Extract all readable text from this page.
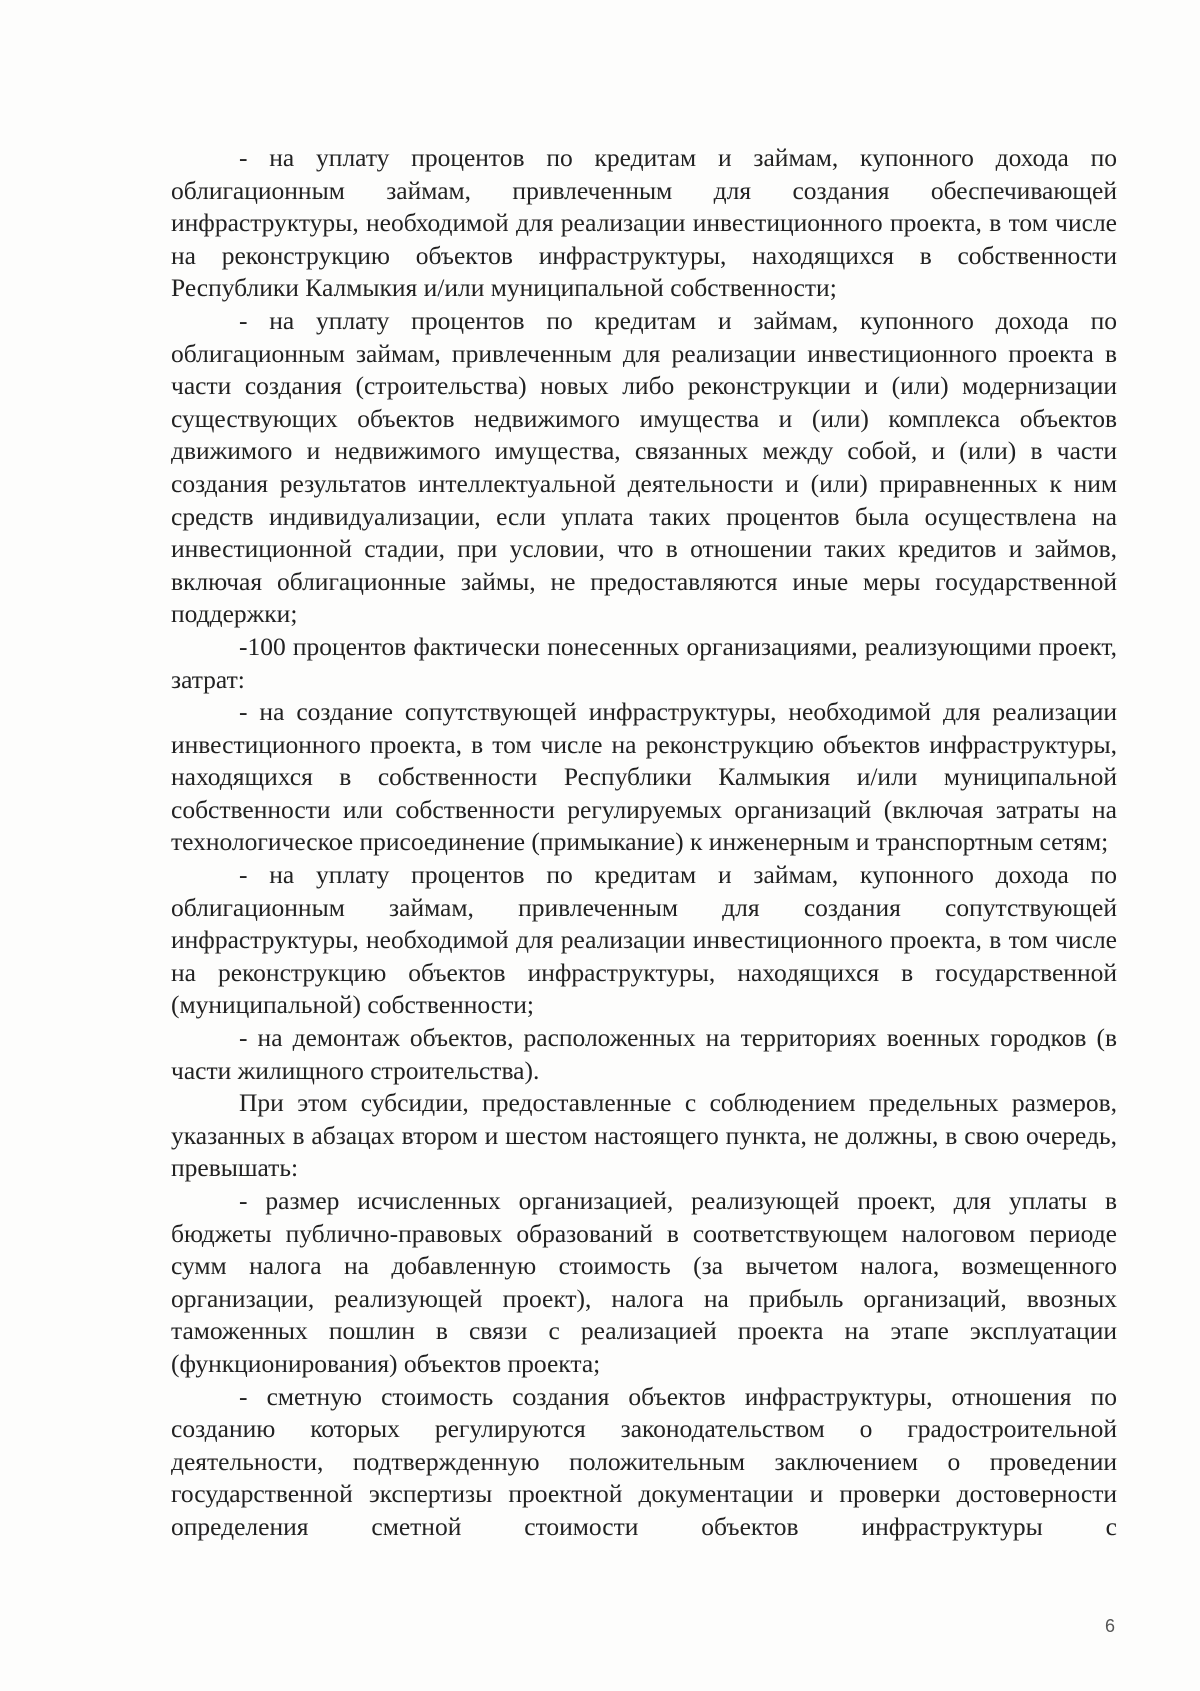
- на уплату процентов по кредитам и займам, купонного дохода по облигационным займам, привлеченным для создания обеспечивающей инфраструктуры, необходимой для реализации инвестиционного проекта, в том числе на реконструкцию объектов инфраструктуры, находящихся в собственности Республики Калмыкия и/или муниципальной собственности;

- на уплату процентов по кредитам и займам, купонного дохода по облигационным займам, привлеченным для реализации инвестиционного проекта в части создания (строительства) новых либо реконструкции и (или) модернизации существующих объектов недвижимого имущества и (или) комплекса объектов движимого и недвижимого имущества, связанных между собой, и (или) в части создания результатов интеллектуальной деятельности и (или) приравненных к ним средств индивидуализации, если уплата таких процентов была осуществлена на инвестиционной стадии, при условии, что в отношении таких кредитов и займов, включая облигационные займы, не предоставляются иные меры государственной поддержки;

-100 процентов фактически понесенных организациями, реализующими проект, затрат:

- на создание сопутствующей инфраструктуры, необходимой для реализации инвестиционного проекта, в том числе на реконструкцию объектов инфраструктуры, находящихся в собственности Республики Калмыкия и/или муниципальной собственности или собственности регулируемых организаций (включая затраты на технологическое присоединение (примыкание) к инженерным и транспортным сетям;

- на уплату процентов по кредитам и займам, купонного дохода по облигационным займам, привлеченным для создания сопутствующей инфраструктуры, необходимой для реализации инвестиционного проекта, в том числе на реконструкцию объектов инфраструктуры, находящихся в государственной (муниципальной) собственности;

- на демонтаж объектов, расположенных на территориях военных городков (в части жилищного строительства).

При этом субсидии, предоставленные с соблюдением предельных размеров, указанных в абзацах втором и шестом настоящего пункта, не должны, в свою очередь, превышать:

- размер исчисленных организацией, реализующей проект, для уплаты в бюджеты публично-правовых образований в соответствующем налоговом периоде сумм налога на добавленную стоимость (за вычетом налога, возмещенного организации, реализующей проект), налога на прибыль организаций, ввозных таможенных пошлин в связи с реализацией проекта на этапе эксплуатации (функционирования) объектов проекта;

- сметную стоимость создания объектов инфраструктуры, отношения по созданию которых регулируются законодательством о градостроительной деятельности, подтвержденную положительным заключением о проведении государственной экспертизы проектной документации и проверки достоверности определения сметной стоимости объектов инфраструктуры с

6
